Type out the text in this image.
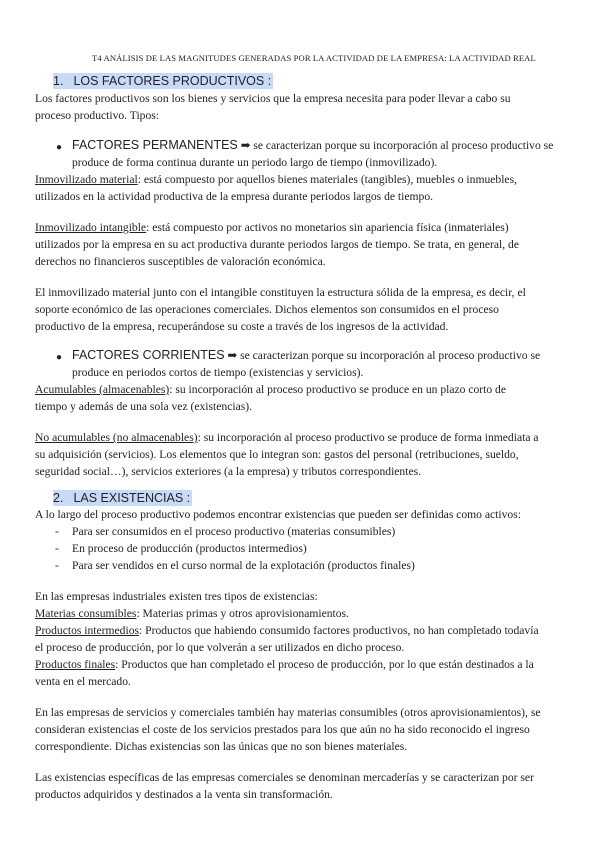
T4 ANÁLISIS DE LAS MAGNITUDES GENERADAS POR LA ACTIVIDAD DE LA EMPRESA: LA ACTIVIDAD REAL
1. LOS FACTORES PRODUCTIVOS :
Los factores productivos son los bienes y servicios que la empresa necesita para poder llevar a cabo su
proceso productivo. Tipos:
● FACTORES PERMANENTES ➡ se caracterizan porque su incorporación al proceso productivo se
produce de forma continua durante un periodo largo de tiempo (inmovilizado).
Inmovilizado material: está compuesto por aquellos bienes materiales (tangibles), muebles o inmuebles,
utilizados en la actividad productiva de la empresa durante periodos largos de tiempo.
Inmovilizado intangible: está compuesto por activos no monetarios sin apariencia física (inmateriales)
utilizados por la empresa en su act productiva durante periodos largos de tiempo. Se trata, en general, de
derechos no financieros susceptibles de valoración económica.
El inmovilizado material junto con el intangible constituyen la estructura sólida de la empresa, es decir, el
soporte económico de las operaciones comerciales. Dichos elementos son consumidos en el proceso
productivo de la empresa, recuperándose su coste a través de los ingresos de la actividad.
● FACTORES CORRIENTES ➡ se caracterizan porque su incorporación al proceso productivo se
produce en periodos cortos de tiempo (existencias y servicios).
Acumulables (almacenables): su incorporación al proceso productivo se produce en un plazo corto de
tiempo y además de una sola vez (existencias).
No acumulables (no almacenables): su incorporación al proceso productivo se produce de forma inmediata a
su adquisición (servicios). Los elementos que lo integran son: gastos del personal (retribuciones, sueldo,
seguridad social…), servicios exteriores (a la empresa) y tributos correspondientes.
2. LAS EXISTENCIAS :
A lo largo del proceso productivo podemos encontrar existencias que pueden ser definidas como activos:
- Para ser consumidos en el proceso productivo (materias consumibles)
- En proceso de producción (productos intermedios)
- Para ser vendidos en el curso normal de la explotación (productos finales)
En las empresas industriales existen tres tipos de existencias:
Materias consumibles: Materias primas y otros aprovisionamientos.
Productos intermedios: Productos que habiendo consumido factores productivos, no han completado todavía
el proceso de producción, por lo que volverán a ser utilizados en dicho proceso.
Productos finales: Productos que han completado el proceso de producción, por lo que están destinados a la
venta en el mercado.
En las empresas de servicios y comerciales también hay materias consumibles (otros aprovisionamientos), se
consideran existencias el coste de los servicios prestados para los que aún no ha sido reconocido el ingreso
correspondiente. Dichas existencias son las únicas que no son bienes materiales.
Las existencias específicas de las empresas comerciales se denominan mercaderías y se caracterizan por ser
productos adquiridos y destinados a la venta sin transformación.
